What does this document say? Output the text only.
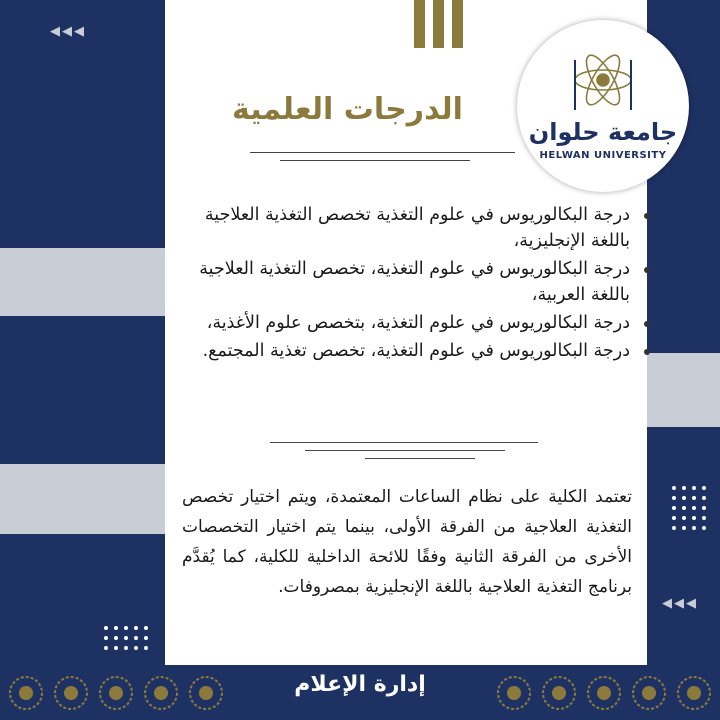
◀◀◀
◀◀◀
الدرجات العلمية
درجة البكالوريوس في علوم التغذية تخصص التغذية العلاجية باللغة الإنجليزية،
درجة البكالوريوس في علوم التغذية، تخصص التغذية العلاجية باللغة العربية،
درجة البكالوريوس في علوم التغذية، بتخصص علوم الأغذية،
درجة البكالوريوس في علوم التغذية، تخصص تغذية المجتمع.
تعتمد الكلية على نظام الساعات المعتمدة، ويتم اختيار تخصص التغذية العلاجية من الفرقة الأولى، بينما يتم اختيار التخصصات الأخرى من الفرقة الثانية وفقًا للائحة الداخلية للكلية، كما يُقدَّم برنامج التغذية العلاجية باللغة الإنجليزية بمصروفات.
جامعة حلوان
HELWAN UNIVERSITY
إدارة الإعلام
